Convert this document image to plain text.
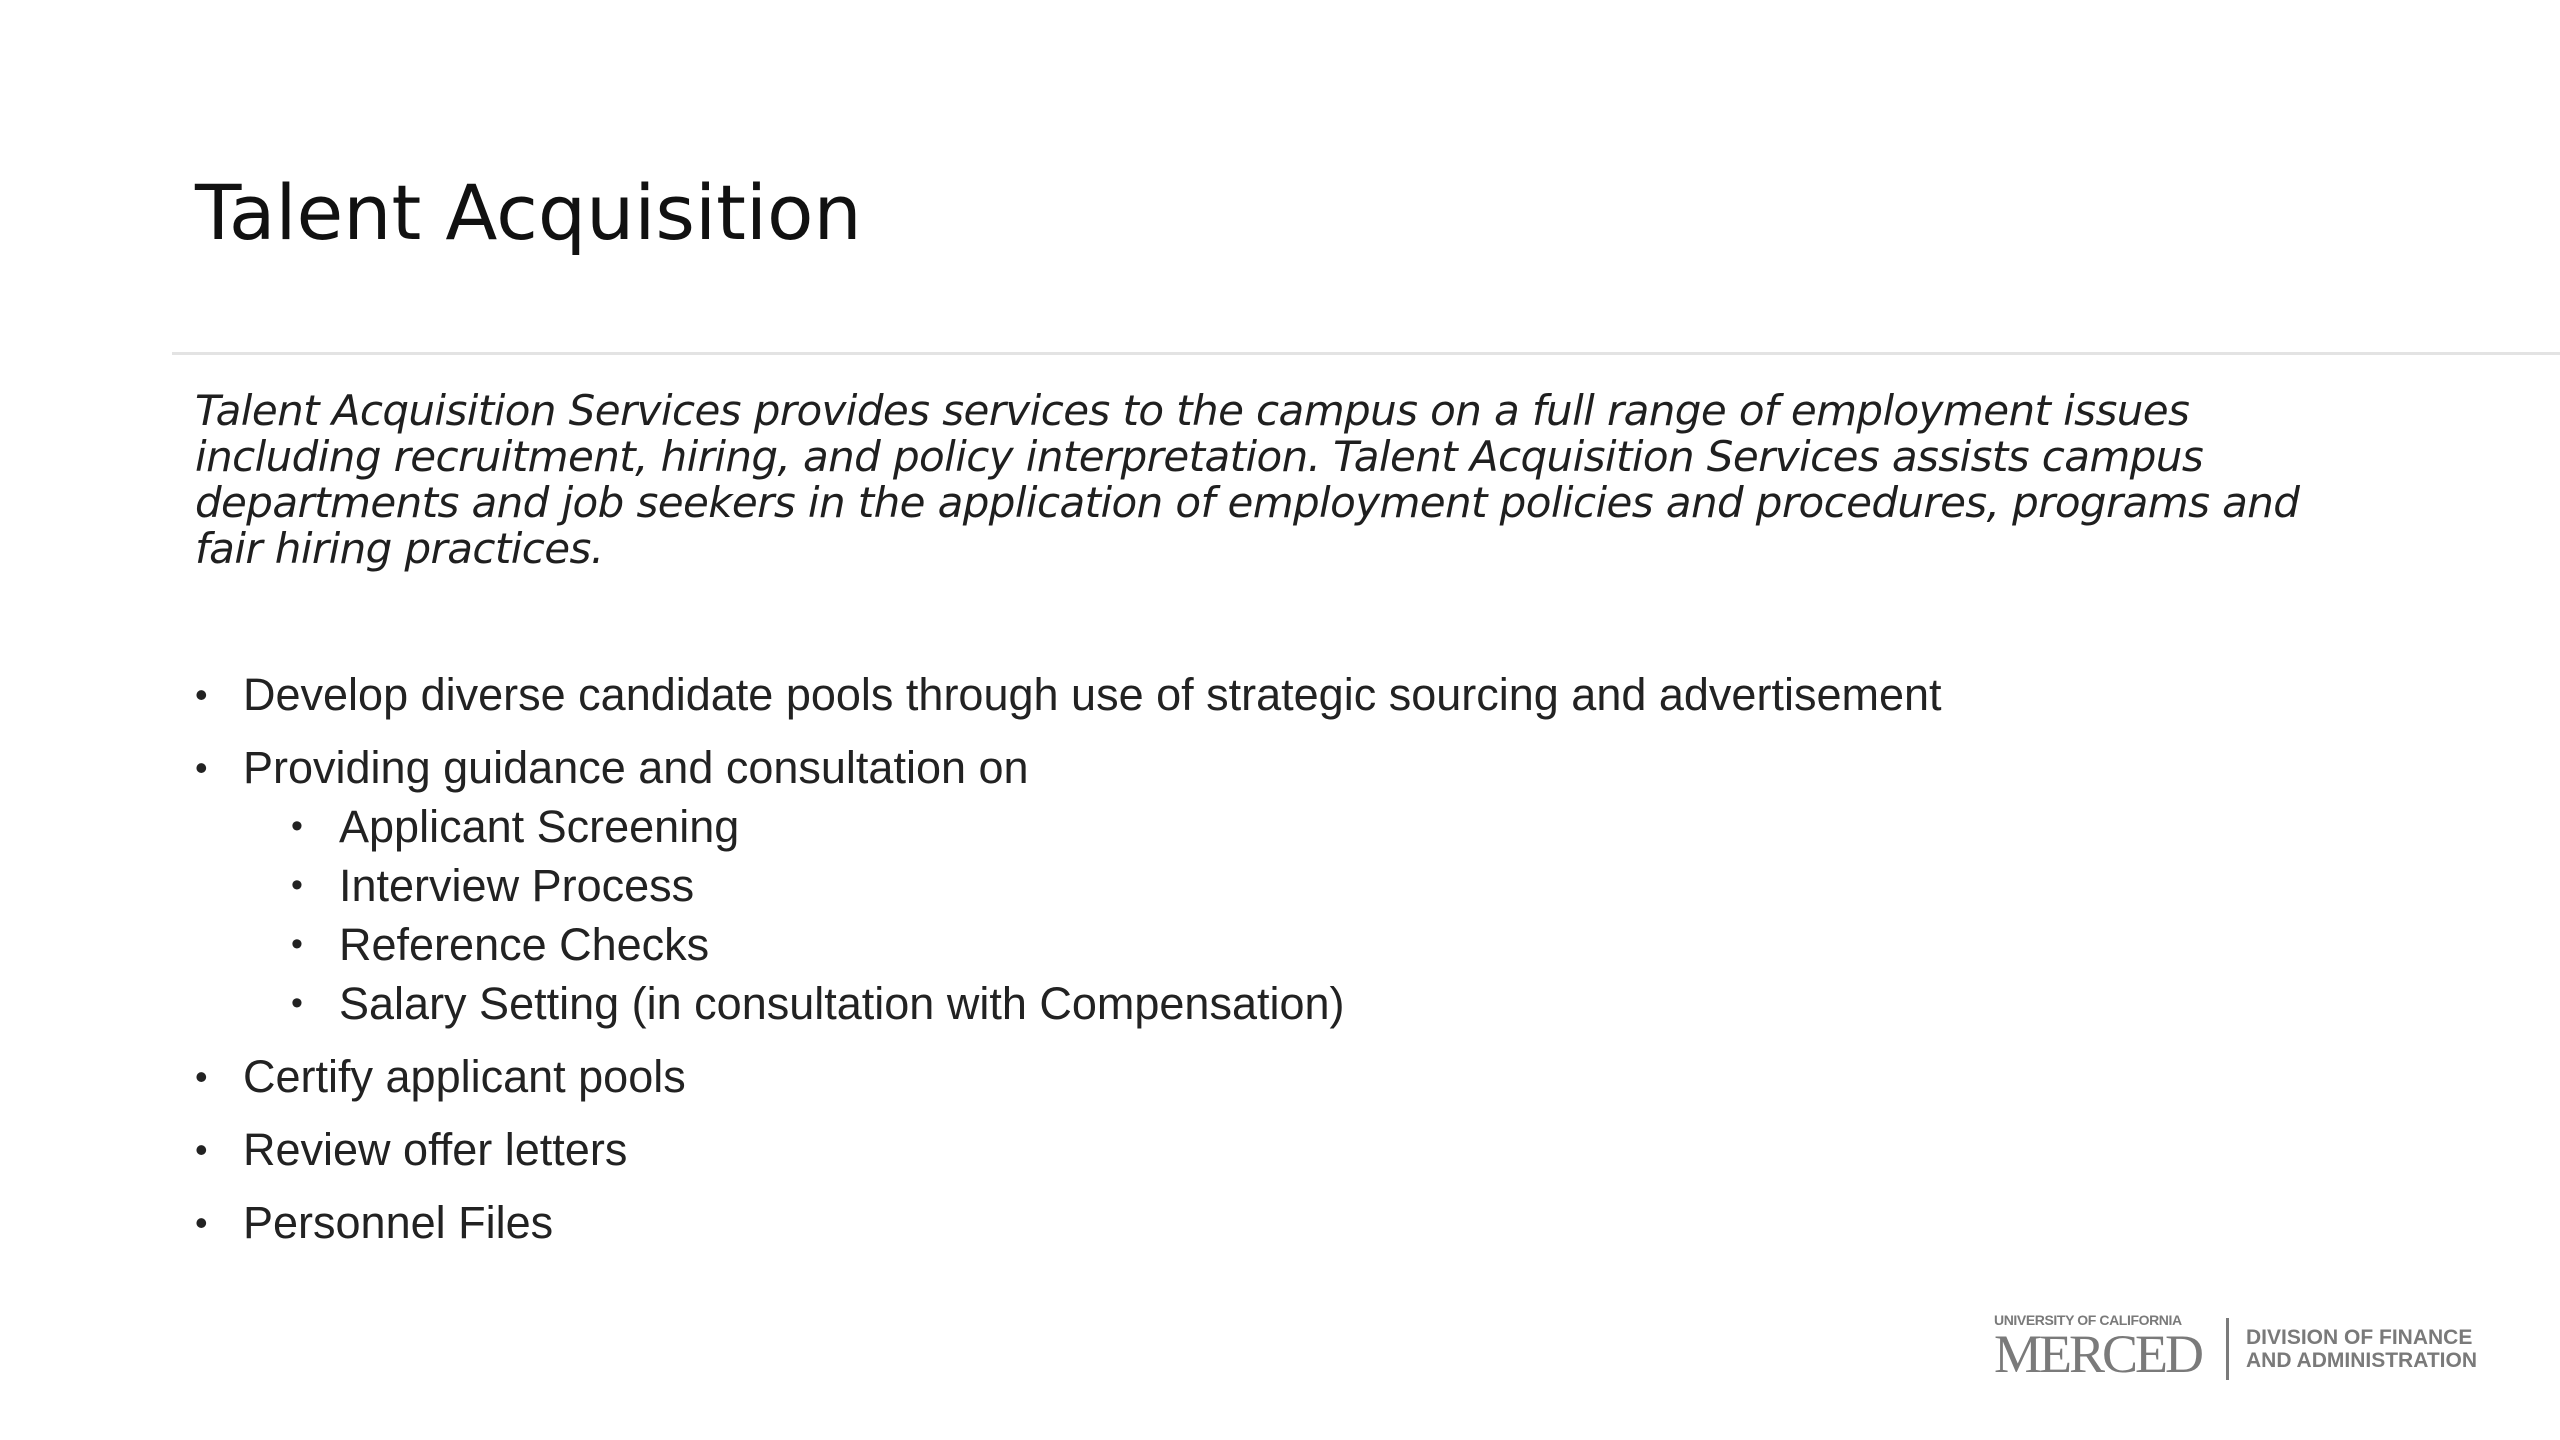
Talent Acquisition

Talent Acquisition Services provides services to the campus on a full range of employment issues including recruitment, hiring, and policy interpretation. Talent Acquisition Services assists campus departments and job seekers in the application of employment policies and procedures, programs and fair hiring practices.

• Develop diverse candidate pools through use of strategic sourcing and advertisement
• Providing guidance and consultation on
• Applicant Screening
• Interview Process
• Reference Checks
• Salary Setting (in consultation with Compensation)
• Certify applicant pools
• Review offer letters
• Personnel Files
UNIVERSITY OF CALIFORNIA
MERCED DIVISION OF FINANCE
AND ADMINISTRATION
